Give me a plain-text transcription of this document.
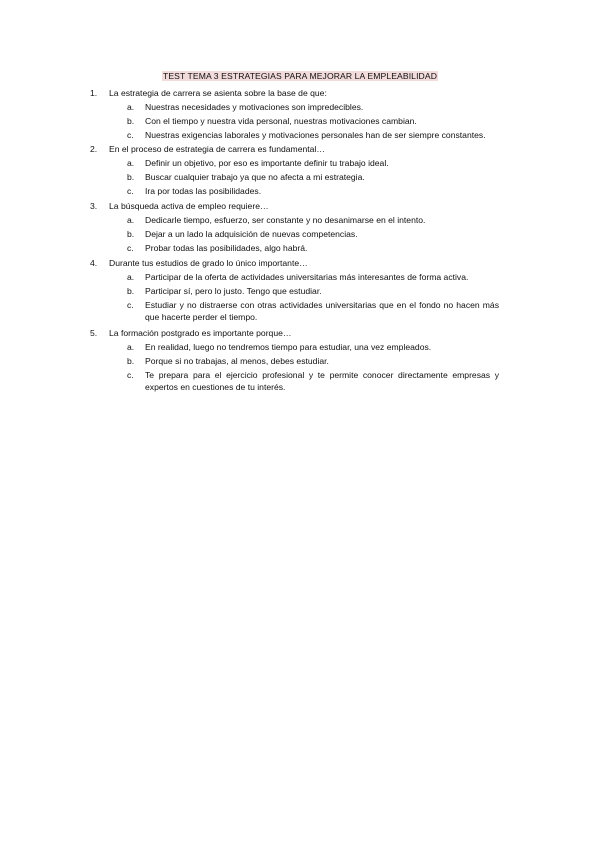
TEST TEMA 3 ESTRATEGIAS PARA MEJORAR LA EMPLEABILIDAD
1. La estrategia de carrera se asienta sobre la base de que:
a. Nuestras necesidades y motivaciones son impredecibles.
b. Con el tiempo y nuestra vida personal, nuestras motivaciones cambian.
c. Nuestras exigencias laborales y motivaciones personales han de ser siempre constantes.
2. En el proceso de estrategia de carrera es fundamental…
a. Definir un objetivo, por eso es importante definir tu trabajo ideal.
b. Buscar cualquier trabajo ya que no afecta a mi estrategia.
c. Ira por todas las posibilidades.
3. La búsqueda activa de empleo requiere…
a. Dedicarle tiempo, esfuerzo, ser constante y no desanimarse en el intento.
b. Dejar a un lado la adquisición de nuevas competencias.
c. Probar todas las posibilidades, algo habrá.
4. Durante tus estudios de grado lo único importante…
a. Participar de la oferta de actividades universitarias más interesantes de forma activa.
b. Participar sí, pero lo justo. Tengo que estudiar.
c. Estudiar y no distraerse con otras actividades universitarias que en el fondo no hacen más que hacerte perder el tiempo.
5. La formación postgrado es importante porque…
a. En realidad, luego no tendremos tiempo para estudiar, una vez empleados.
b. Porque si no trabajas, al menos, debes estudiar.
c. Te prepara para el ejercicio profesional y te permite conocer directamente empresas y expertos en cuestiones de tu interés.
